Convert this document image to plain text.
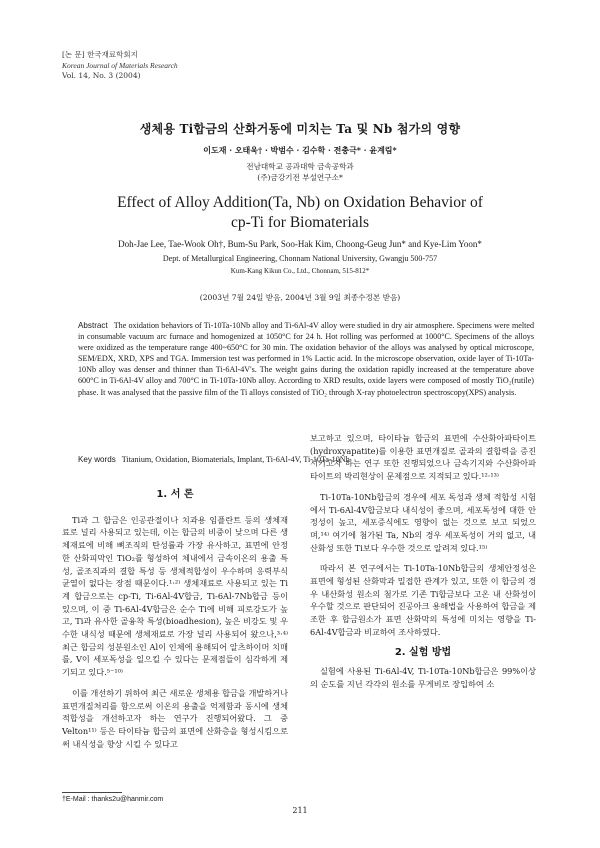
[논 문] 한국재료학회지
Korean Journal of Materials Research
Vol. 14, No. 3 (2004)
생체용 Ti합금의 산화거동에 미치는 Ta 및 Nb 첨가의 영향
이도재 · 오태욱† · 박범수 · 김수학 · 전충극* · 윤계림*
전남대학교 공과대학 금속공학과
(주)금강기전 부설연구소*
Effect of Alloy Addition(Ta, Nb) on Oxidation Behavior of
cp-Ti for Biomaterials
Doh-Jae Lee, Tae-Wook Oh†, Bum-Su Park, Soo-Hak Kim, Choong-Geug Jun* and Kye-Lim Yoon*
Dept. of Metallurgical Engineering, Chonnam National University, Gwangju 500-757
Kum-Kang Kikun Co., Ltd., Chonnam, 515-812*
(2003년 7월 24일 받음, 2004년 3월 9일 최종수정본 받음)
Abstract The oxidation behaviors of Ti-10Ta-10Nb alloy and Ti-6Al-4V alloy were studied in dry air atmosphere. Specimens were melted in consumable vacuum arc furnace and homogenized at 1050°C for 24 h. Hot rolling was performed at 1000°C. Specimens of the alloys were oxidized as the temperature range 400~650°C for 30 min. The oxidation behavior of the alloys was analysed by optical microscope, SEM/EDX, XRD, XPS and TGA. Immersion test was performed in 1% Lactic acid. In the microscope observation, oxide layer of Ti-10Ta-10Nb alloy was denser and thinner than Ti-6Al-4V's. The weight gains during the oxidation rapidly increased at the temperature above 600°C in Ti-6Al-4V alloy and 700°C in Ti-10Ta-10Nb alloy. According to XRD results, oxide layers were composed of mostly TiO₂(rutile) phase. It was analysed that the passive film of the Ti alloys consisted of TiO₂ through X-ray photoelectron spectroscopy(XPS) analysis.
Key words Titanium, Oxidation, Biomaterials, Implant, Ti-6Al-4V, Ti-10Ta-10Nb
1. 서 론

Ti과 그 합금은 인공관절이나 치과용 임플란트 등의 생체재료로 널리 사용되고 있는데, 이는 합금의 비중이 낮으며 다른 생체재료에 비해 뼈조직의 탄성률과 가장 유사하고, 표면에 안정한 산화피막인 TiO₂를 형성하여 체내에서 금속이온의 용출 특성, 골조직과의 결합 특성 등 생체적합성이 우수하며 응력부식 균열이 없다는 장점 때문이다.¹·²⁾ 생체재료로 사용되고 있는 Ti계 합금으로는 cp-Ti, Ti-6Al-4V합금, Ti-6Al-7Nb합금 등이 있으며, 이 중 Ti-6Al-4V합금은 순수 Ti에 비해 피로강도가 높고, Ti과 유사한 골융착 특성(bioadhesion), 높은 비강도 및 우수한 내식성 때문에 생체재료로 가장 널리 사용되어 왔으나,³·⁴⁾ 최근 합금의 성분원소인 Al이 인체에 용해되어 알츠하이머 치매를, V이 세포독성을 일으킬 수 있다는 문제점들이 심각하게 제기되고 있다.⁵⁻¹⁰⁾

이를 개선하기 위하여 최근 새로운 생체용 합금을 개발하거나 표면개질처리를 함으로써 이온의 용출을 억제함과 동시에 생체적합성을 개선하고자 하는 연구가 진행되어왔다. 그 중 Velton¹¹⁾ 등은 타이타늄 합금의 표면에 산화층을 형성시킴으로써 내식성을 향상 시킬 수 있다고

보고하고 있으며, 타이타늄 합금의 표면에 수산화아파타이트(hydroxyapatite)를 이용한 표면개질로 골과의 결합력을 증진시키고자 하는 연구 또한 진행되었으나 금속기지와 수산화아파타이트의 박리현상이 문제점으로 지적되고 있다.¹²·¹³⁾

Ti-10Ta-10Nb합금의 경우에 세포 독성과 생체 적합성 시험에서 Ti-6Al-4V합금보다 내식성이 좋으며, 세포독성에 대한 안정성이 높고, 세포증식에도 영향이 없는 것으로 보고 되었으며,¹⁴⁾ 여기에 첨가된 Ta, Nb의 경우 세포독성이 거의 없고, 내산화성 또한 Ti보다 우수한 것으로 알려져 있다.¹⁵⁾

따라서 본 연구에서는 Ti-10Ta-10Nb합금의 생체안정성은 표면에 형성된 산화막과 밀접한 관계가 있고, 또한 이 합금의 경우 내산화성 원소의 첨가로 기존 Ti합금보다 고온 내 산화성이 우수할 것으로 판단되어 진공아크 용해법을 사용하여 합금을 제조한 후 합금원소가 표면 산화막의 특성에 미치는 영향을 Ti-6Al-4V합금과 비교하여 조사하였다.

2. 실험 방법

실험에 사용된 Ti-6Al-4V, Ti-10Ta-10Nb합금은 99%이상의 순도를 지닌 각각의 원소를 무게비로 장입하여 소

†E-Mail : thanks2u@hanmir.com
211
